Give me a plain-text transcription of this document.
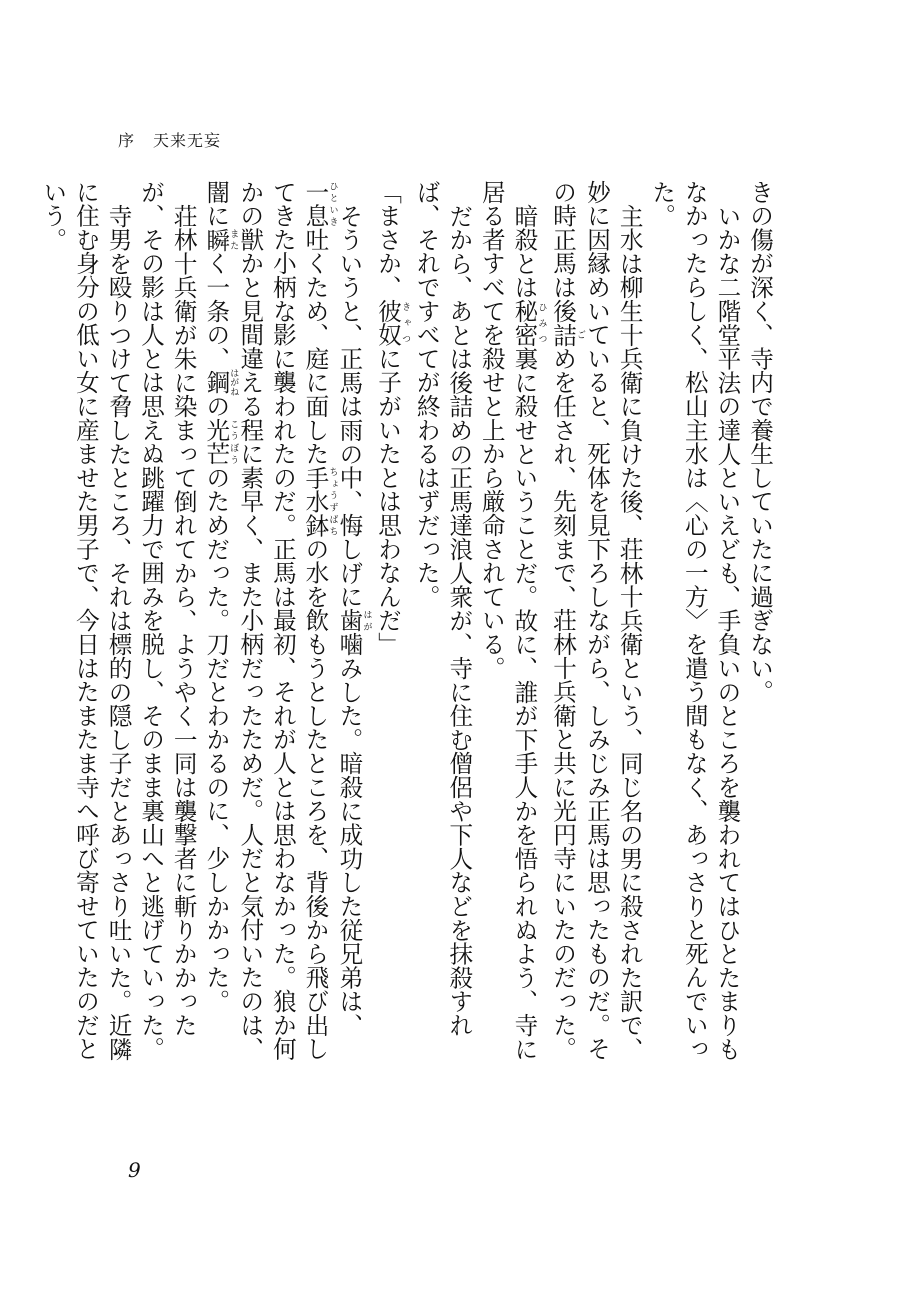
序 天来无妄

きの傷が深く、寺内で養生していたに過ぎない。

いかな二階堂平法の達人といえども、手負いのところを襲われてはひとたまりもなかったらしく、松山主水は〈心の一方〉を遣う間もなく、あっさりと死んでいった。

主水は柳生十兵衛に負けた後、荘林十兵衛という、同じ名の男に殺された訳で、妙に因縁めいていると、死体を見下ろしながら、しみじみ正馬は思ったものだ。その時正馬は後詰ごめを任され、先刻まで、荘林十兵衛と共に光円寺にいたのだった。

暗殺とは秘密ひみつ裏に殺せということだ。故に、誰が下手人かを悟られぬよう、寺に居る者すべてを殺せと上から厳命されている。

だから、あとは後詰めの正馬達浪人衆が、寺に住む僧侶や下人などを抹殺すれば、それですべてが終わるはずだった。

「まさか、彼奴きゃつに子がいたとは思わなんだ」

そういうと、正馬は雨の中、悔しげに歯はが噛みした。暗殺に成功した従兄弟は、一息ひといき吐くため、庭に面した手水鉢ちょうずばちの水を飲もうとしたところを、背後から飛び出してきた小柄な影に襲われたのだ。正馬は最初、それが人とは思わなかった。狼か何かの獣かと見間違える程に素早く、また小柄だったためだ。人だと気付いたのは、闇に瞬またく一条の、鋼はがねの光芒こうぼうのためだった。刀だとわかるのに、少しかかった。

荘林十兵衛が朱に染まって倒れてから、ようやく一同は襲撃者に斬りかかったが、その影は人とは思えぬ跳躍力で囲みを脱し、そのまま裏山へと逃げていった。

寺男を殴りつけて脅したところ、それは標的の隠し子だとあっさり吐いた。近隣に住む身分の低い女に産ませた男子で、今日はたまたま寺へ呼び寄せていたのだという。

9
